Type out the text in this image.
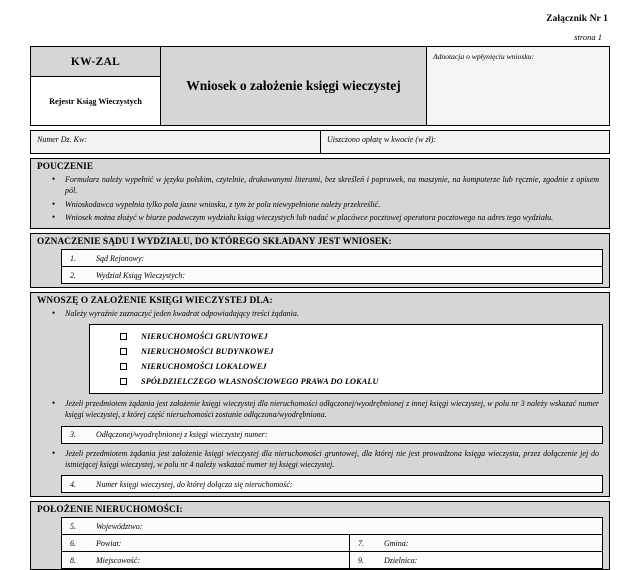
Załącznik Nr 1
strona 1
KW-ZAL
Rejestr Ksiąg Wieczystych
Wniosek o założenie księgi wieczystej
Adnotacja o wpłynięciu wniosku:
Numer Dz. Kw:	Uiszczono opłatę w kwocie (w zł):
POUCZENIE
• Formularz należy wypełnić w języku polskim, czytelnie, drukowanymi literami, bez skreśleń i poprawek, na maszynie, na komputerze lub ręcznie, zgodnie z opisem pól.
• Wnioskodawca wypełnia tylko pola jasne wniosku, z tym że pola niewypełnione należy przekreślić.
• Wniosek można złożyć w biurze podawczym wydziału ksiąg wieczystych lub nadać w placówce pocztowej operatora pocztowego na adres tego wydziału.
OZNACZENIE SĄDU I WYDZIAŁU, DO KTÓREGO SKŁADANY JEST WNIOSEK:
1.	Sąd Rejonowy:
2.	Wydział Ksiąg Wieczystych:
WNOSZĘ O ZAŁOŻENIE KSIĘGI WIECZYSTEJ DLA:
• Należy wyraźnie zaznaczyć jeden kwadrat odpowiadający treści żądania.
NIERUCHOMOŚCI GRUNTOWEJ
NIERUCHOMOŚCI BUDYNKOWEJ
NIERUCHOMOŚCI LOKALOWEJ
SPÓŁDZIELCZEGO WŁASNOŚCIOWEGO PRAWA DO LOKALU
• Jeżeli przedmiotem żądania jest założenie księgi wieczystej dla nieruchomości odłączonej/wyodrębnionej z innej księgi wieczystej, w polu nr 3 należy wskazać numer księgi wieczystej, z której część nieruchomości zostanie odłączona/wyodrębniona.
3.	Odłączonej/wyodrębnionej z księgi wieczystej numer:
• Jeżeli przedmiotem żądania jest założenie księgi wieczystej dla nieruchomości gruntowej, dla której nie jest prowadzona księga wieczysta, przez dołączenie jej do istniejącej księgi wieczystej, w polu nr 4 należy wskazać numer tej księgi wieczystej.
4.	Numer księgi wieczystej, do której dołącza się nieruchomość:
POŁOŻENIE NIERUCHOMOŚCI:
5.	Województwo:
6.	Powiat:	7.	Gmina:
8.	Miejscowość:	9.	Dzielnica:
